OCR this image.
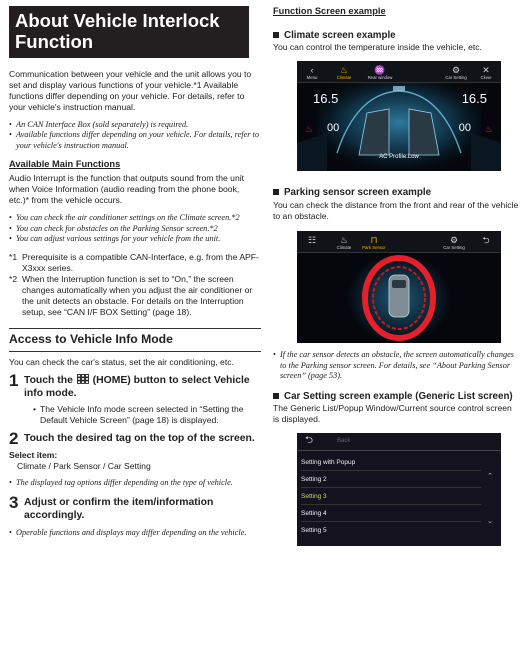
About Vehicle Interlock Function
Communication between your vehicle and the unit allows you to set and display various functions of your vehicle.*1 Available functions differ depending on your vehicle. For details, refer to your vehicle's instruction manual.
• An CAN Interface Box (sold separately) is required.
• Available functions differ depending on your vehicle. For details, refer to your vehicle's instruction manual.
Available Main Functions
Audio Interrupt is the function that outputs sound from the unit when Voice Information (audio reading from the phone book, etc.)* from the vehicle occurs.
• You can check the air conditioner settings on the Climate screen.*2
• You can check for obstacles on the Parking Sensor screen.*2
• You can adjust various settings for your vehicle from the unit.
*1 Prerequisite is a compatible CAN-Interface, e.g. from the APF-X3xxx series.
*2 When the Interruption function is set to “On,” the screen changes automatically when you adjust the air conditioner or the unit detects an obstacle. For details on the Interruption setup, see “CAN I/F BOX Setting” (page 18).
Access to Vehicle Info Mode
You can check the car's status, set the air conditioning, etc.
1 Touch the (HOME) button to select Vehicle info mode.
• The Vehicle Info mode screen selected in “Setting the Default Vehicle Screen” (page 18) is displayed.
2 Touch the desired tag on the top of the screen.
Select item:
Climate / Park Sensor / Car Setting
• The displayed tag options differ depending on the type of vehicle.
3 Adjust or confirm the item/information accordingly.
• Operable functions and displays may differ depending on the vehicle.
Function Screen example
Climate screen example
You can control the temperature inside the vehicle, etc.
‹
Menu
♨
Climate
♒
Rear window
⚙
Car Setting
✕
Close
16.5	16.5
♨	♨
00	00
AC Profile:Low
Parking sensor screen example
You can check the distance from the front and rear of the vehicle to an obstacle.
☷	♨
Climate
⊓
Park Sensor
⚙
Car Setting
⮌
• If the car sensor detects an obstacle, the screen automatically changes to the Parking sensor screen. For details, see “About Parking Sensor screen” (page 53).
Car Setting screen example (Generic List screen)
The Generic List/Popup Window/Current source control screen is displayed.
⮌	Back
Setting with Popup
Setting 2
Setting 3
Setting 4
Setting 5
⌃
⌄
